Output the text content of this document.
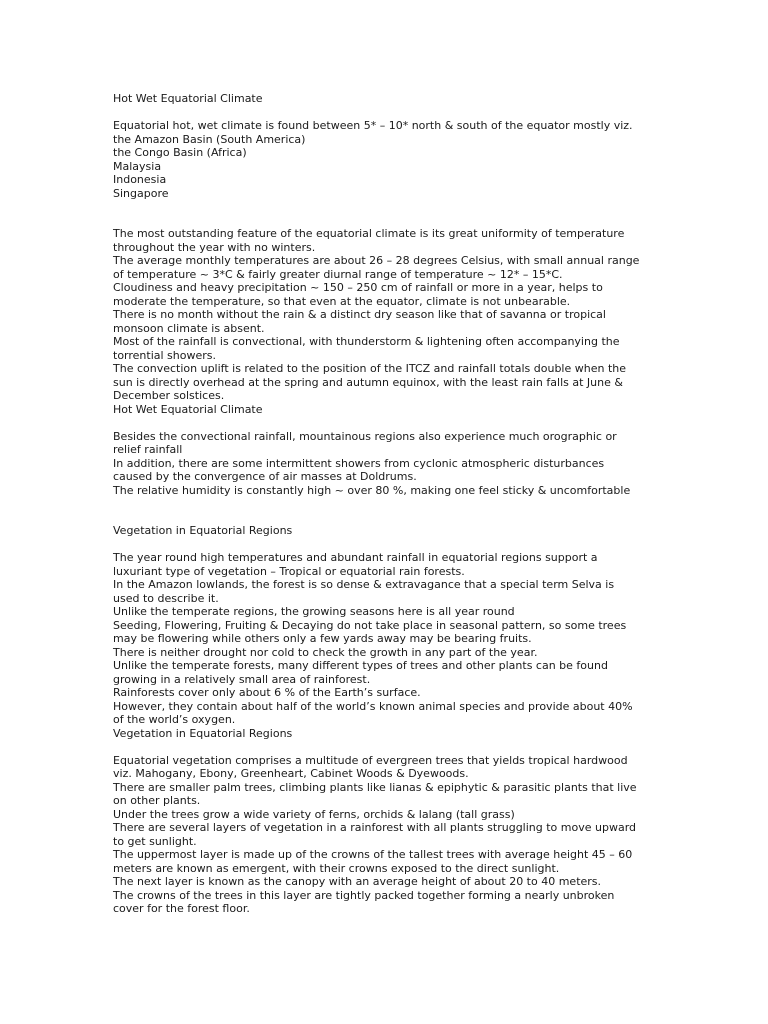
Hot Wet Equatorial Climate
Equatorial hot, wet climate is found between 5* – 10* north & south of the equator mostly viz.
the Amazon Basin (South America)
the Congo Basin (Africa)
Malaysia
Indonesia
Singapore
The most outstanding feature of the equatorial climate is its great uniformity of temperature
throughout the year with no winters.
The average monthly temperatures are about 26 – 28 degrees Celsius, with small annual range
of temperature ~ 3*C & fairly greater diurnal range of temperature ~ 12* – 15*C.
Cloudiness and heavy precipitation ~ 150 – 250 cm of rainfall or more in a year, helps to
moderate the temperature, so that even at the equator, climate is not unbearable.
There is no month without the rain & a distinct dry season like that of savanna or tropical
monsoon climate is absent.
Most of the rainfall is convectional, with thunderstorm & lightening often accompanying the
torrential showers.
The convection uplift is related to the position of the ITCZ and rainfall totals double when the
sun is directly overhead at the spring and autumn equinox, with the least rain falls at June &
December solstices.
Hot Wet Equatorial Climate
Besides the convectional rainfall, mountainous regions also experience much orographic or
relief rainfall
In addition, there are some intermittent showers from cyclonic atmospheric disturbances
caused by the convergence of air masses at Doldrums.
The relative humidity is constantly high ~ over 80 %, making one feel sticky & uncomfortable
Vegetation in Equatorial Regions
The year round high temperatures and abundant rainfall in equatorial regions support a
luxuriant type of vegetation – Tropical or equatorial rain forests.
In the Amazon lowlands, the forest is so dense & extravagance that a special term Selva is
used to describe it.
Unlike the temperate regions, the growing seasons here is all year round
Seeding, Flowering, Fruiting & Decaying do not take place in seasonal pattern, so some trees
may be flowering while others only a few yards away may be bearing fruits.
There is neither drought nor cold to check the growth in any part of the year.
Unlike the temperate forests, many different types of trees and other plants can be found
growing in a relatively small area of rainforest.
Rainforests cover only about 6 % of the Earth’s surface.
However, they contain about half of the world’s known animal species and provide about 40%
of the world’s oxygen.
Vegetation in Equatorial Regions
Equatorial vegetation comprises a multitude of evergreen trees that yields tropical hardwood
viz. Mahogany, Ebony, Greenheart, Cabinet Woods & Dyewoods.
There are smaller palm trees, climbing plants like lianas & epiphytic & parasitic plants that live
on other plants.
Under the trees grow a wide variety of ferns, orchids & lalang (tall grass)
There are several layers of vegetation in a rainforest with all plants struggling to move upward
to get sunlight.
The uppermost layer is made up of the crowns of the tallest trees with average height 45 – 60
meters are known as emergent, with their crowns exposed to the direct sunlight.
The next layer is known as the canopy with an average height of about 20 to 40 meters.
The crowns of the trees in this layer are tightly packed together forming a nearly unbroken
cover for the forest floor.
